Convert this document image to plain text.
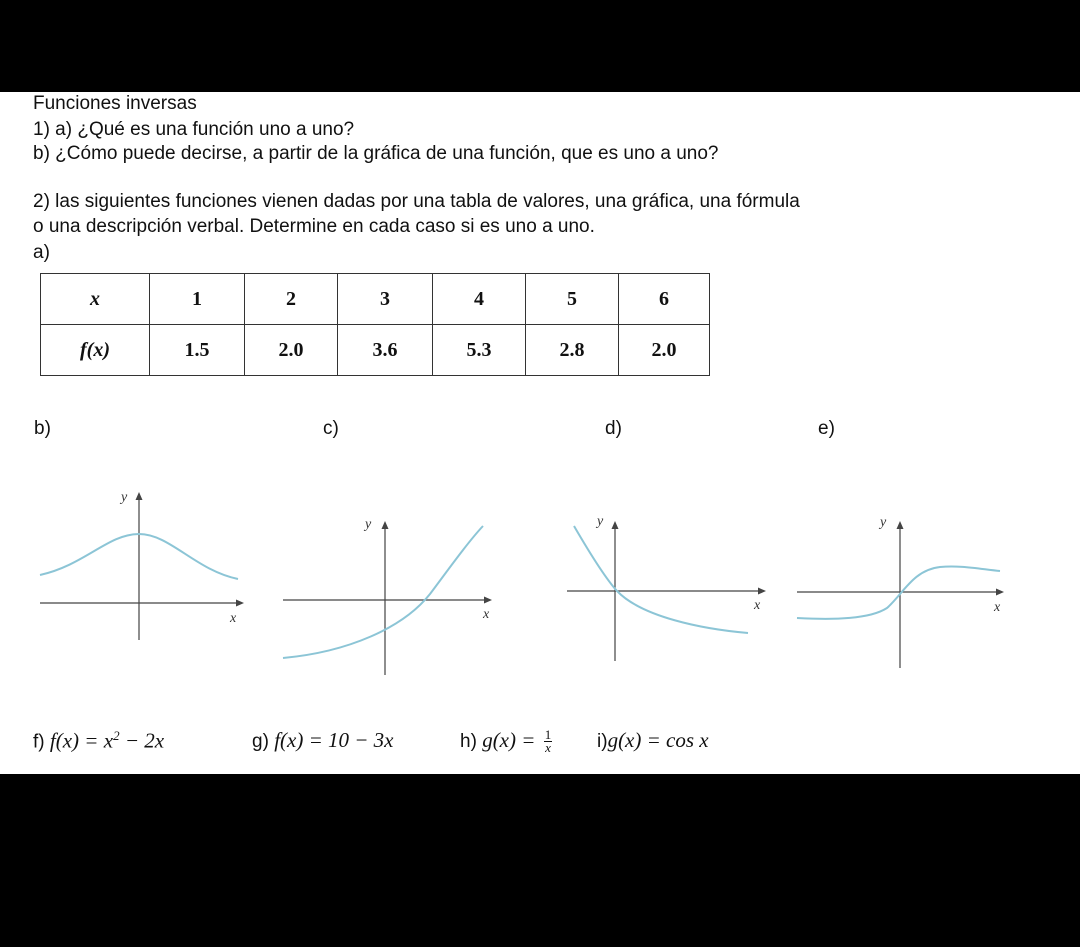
Funciones inversas

1) a) ¿Qué es una función uno a uno?

b) ¿Cómo puede decirse, a partir de la gráfica de una función, que es uno a uno?

2) las siguientes funciones vienen dadas por una tabla de valores, una gráfica, una fórmula

o una descripción verbal. Determine en cada caso si es uno a uno.

a)

x	1	2	3	4	5	6
f(x)	1.5	2.0	3.6	5.3	2.8	2.0
b)	c)	d)	e)
y
x
y
x
y
x
y
x
f) $f(x) = x^2 - 2x$	g) f(x) = 10 − 3x	h) $g(x) = \frac{1}{x} i)g(x) = \cos x$
